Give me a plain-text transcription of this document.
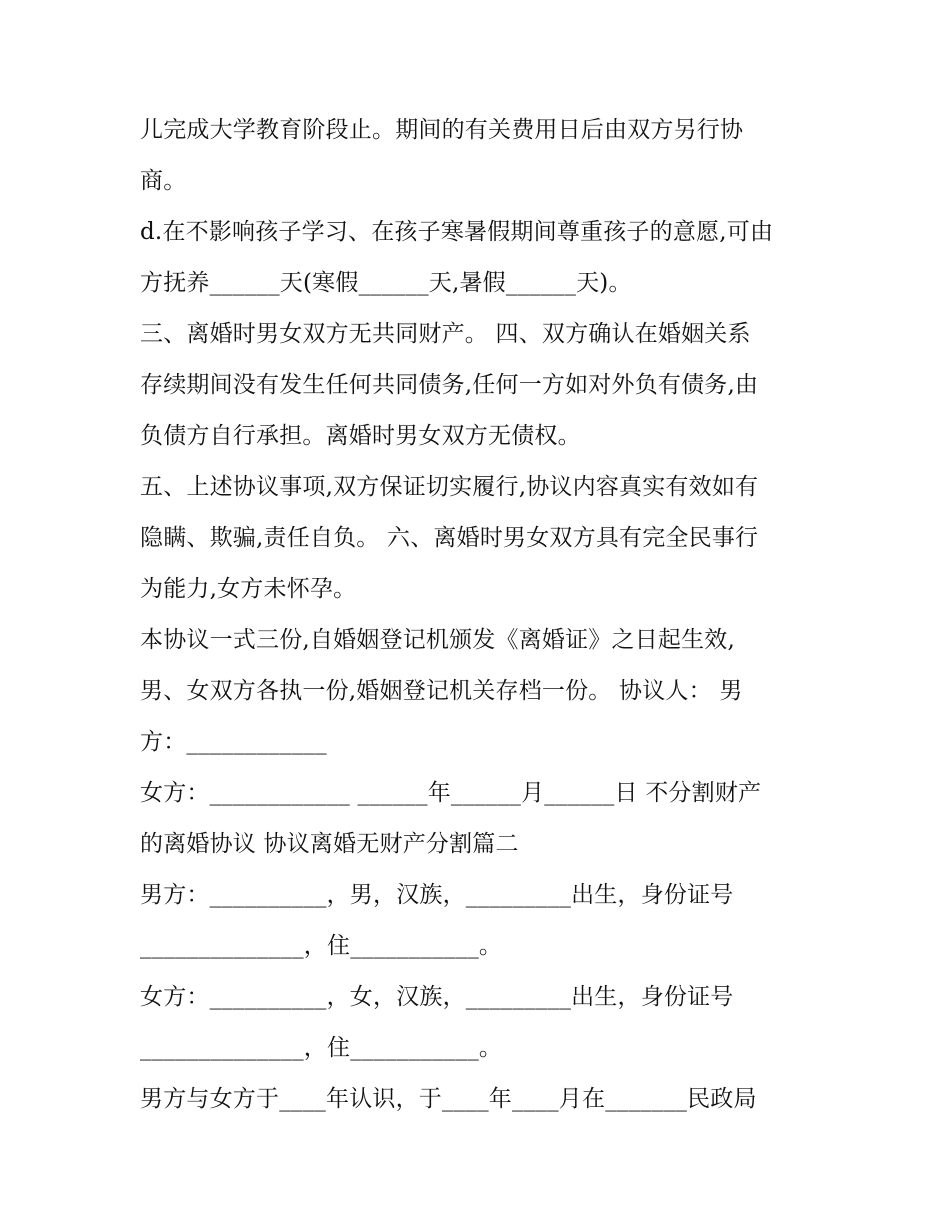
儿完成大学教育阶段止。期间的有关费用日后由双方另行协
商。
d.在不影响孩子学习、在孩子寒暑假期间尊重孩子的意愿,可由
方抚养______天(寒假______天,暑假______天)。
三、离婚时男女双方无共同财产。 四、双方确认在婚姻关系
存续期间没有发生任何共同债务,任何一方如对外负有债务,由
负债方自行承担。离婚时男女双方无债权。
五、上述协议事项,双方保证切实履行,协议内容真实有效如有
隐瞒、欺骗,责任自负。 六、离婚时男女双方具有完全民事行
为能力,女方未怀孕。
本协议一式三份,自婚姻登记机颁发《离婚证》之日起生效,
男、女双方各执一份,婚姻登记机关存档一份。 协议人： 男
方：____________
女方：____________ ______年______月______日 不分割财产
的离婚协议 协议离婚无财产分割篇二
男方：__________，男，汉族，_________出生，身份证号
______________，住___________。
女方：__________，女，汉族，_________出生，身份证号
______________，住___________。
男方与女方于____年认识，于____年____月在_______民政局
